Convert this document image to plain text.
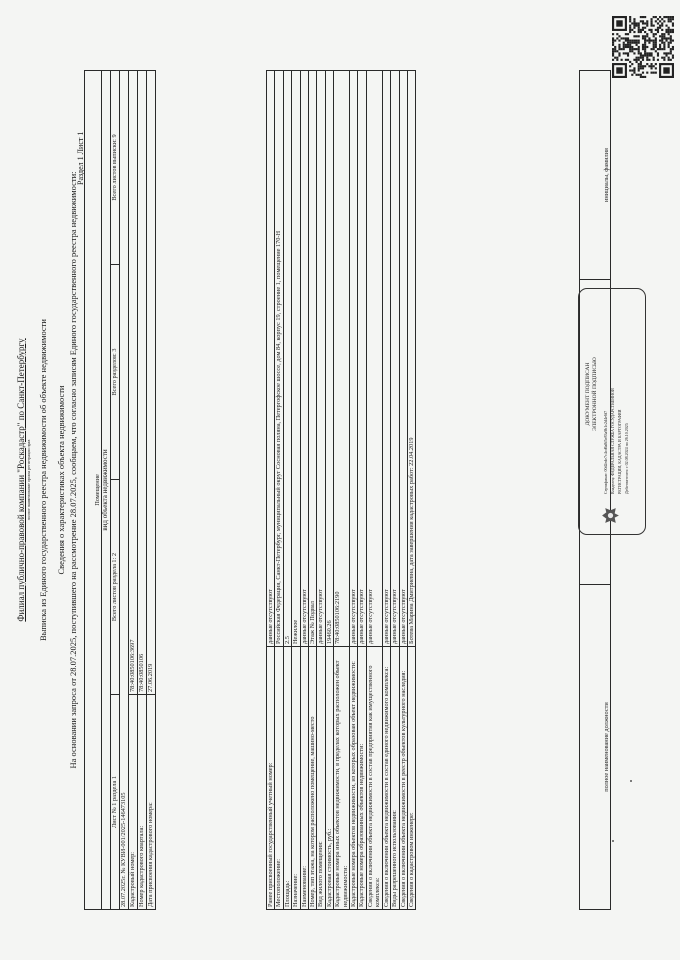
Филиал публично-правовой компании "Роскадастр" по Санкт-Петербургу полное наименование органа регистрации прав Выписка из Единого государственного реестра недвижимости об объекте недвижимости Сведения о характеристиках объекта недвижимости На основании запроса от 28.07.2025, поступившего на рассмотрение 28.07.2025, сообщаем, что согласно записям Единого государственного реестра недвижимости:
Раздел 1 Лист 1
Помещение			
вид объекта недвижимости			
Лист № 1 раздела 1	Всего листов раздела 1: 2	Всего разделов: 3	Всего листов выписки: 9
28.07.2025г. № КУВИ-001/2025-146473105			
Кадастровый номер:	78:40:0850106:3697		
Номер кадастрового квартала:	78:40:0850106		
Дата присвоения кадастрового номера:	27.06.2019		
Ранее присвоенный государственный учетный номер:	данные отсутствуют
Местоположение:	Российская Федерация, Санкт-Петербург, муниципальный округ Сосновая поляна, Петергофское шоссе, дом 84, корпус 19, строение 1, помещение 170-Н
Площадь:	2.5
Назначение:	Нежилое
Наименование:	данные отсутствуют
Номер, тип этажа, на котором расположено помещение, машино-место	Этаж № Подвал
Вид жилого помещения:	данные отсутствуют
Кадастровая стоимость, руб.:	19460.26
Кадастровые номера иных объектов недвижимости, в пределах которых расположен объект недвижимости:	78:40:0850106:2190
Кадастровые номера объектов недвижимости, из которых образован объект недвижимости:	данные отсутствуют
Кадастровые номера образованных объектов недвижимости:	данные отсутствуют
Сведения о включении объекта недвижимости в состав предприятия как имущественного комплекса:	данные отсутствуют
Сведения о включении объекта недвижимости в состав единого недвижимого комплекса:	данные отсутствуют
Виды разрешенного использования:	данные отсутствуют
Сведения о включении объекта недвижимости в реестр объектов культурного наследия:	данные отсутствуют
Сведения о кадастровом инженере:	Ботева Марина Дмитриевна, дата завершения кадастровых работ: 22.04.2019
полное наименование должности

инициалы, фамилия
ДОКУМЕНТ ПОДПИСАН ЭЛЕКТРОННОЙ ПОДПИСЬЮ
Сертификат: 00d2ede7c4cd6a8f5e83a9b1c2d4e6f7 Владелец: ФЕДЕРАЛЬНАЯ СЛУЖБА ГОСУДАРСТВЕННОЙ РЕГИСТРАЦИИ, КАДАСТРА И КАРТОГРАФИИ Действителен: с 02.08.2024 по 26.10.2025
